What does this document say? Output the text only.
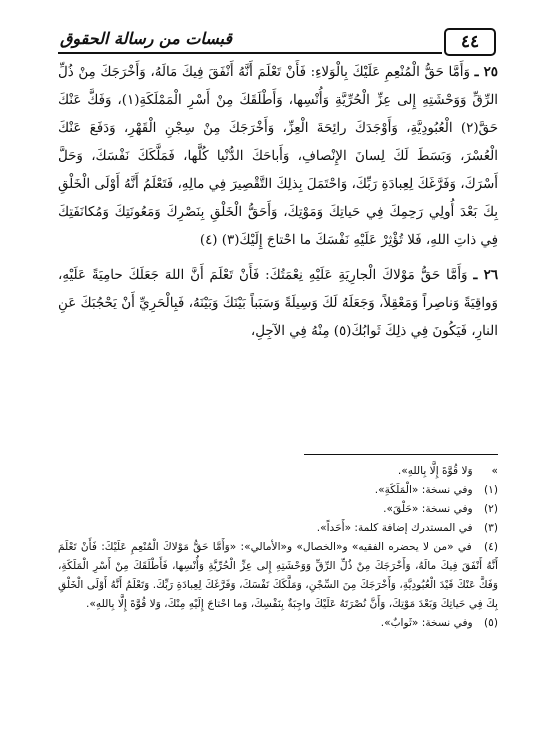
٤٤
قبسات من رسالة الحقوق

٢٥ ـ وَأَمَّا حَقُّ الْمُنْعِمِ عَلَيْكَ بِالْوَلاءِ: فَأَنْ تَعْلَمَ أَنَّهُ أَنْفَقَ فِيكَ مَالَهُ، وَأَخْرَجَكَ مِنْ ذُلِّ الرِّقِّ وَوَحْشَتِهِ إِلى عِزِّ الْحُرِّيَّةِ وَأُنْسِها، وَأَطْلَقَكَ مِنْ أَسْرِ الْمَمْلَكَةِ(١)، وَفَكَّ عَنْكَ حَقَّ(٢) الْعُبُودِيَّةِ، وَأَوْجَدَكَ رائِحَةَ الْعِزِّ، وَأَخْرَجَكَ مِنْ سِجْنِ الْقَهْرِ، وَدَفَعَ عَنْكَ الْعُسْرَ، وَبَسَطَ لَكَ لِسانَ الإِنْصافِ، وَأَباحَكَ الدُّنْيا كُلَّها، فَمَلَّكَكَ نَفْسَكَ، وَحَلَّ أَسْرَكَ، وَفَرَّغَكَ لِعِبادَةِ رَبِّكَ، وَاحْتَمَلَ بِذلِكَ التَّقْصِيرَ فِي مالِهِ، فَتَعْلَمُ أَنَّهُ أَوْلَى الْخَلْقِ بِكَ بَعْدَ أُولِي رَحِمِكَ فِي حَياتِكَ وَمَوْتِكَ، وَأَحَقُّ الْخَلْقِ بِنَصْرِكَ وَمَعُونَتِكَ وَمُكانَفَتِكَ فِي ذاتِ اللهِ، فَلا تُؤْثِرْ عَلَيْهِ نَفْسَكَ ما احْتاجَ إِلَيْكَ(٣) (٤)

٢٦ ـ وَأَمَّا حَقُّ مَوْلاكَ الْجارِيَةِ عَلَيْهِ نِعْمَتُكَ: فَأَنْ تَعْلَمَ أَنَّ اللهَ جَعَلَكَ حامِيَةً عَلَيْهِ، وَواقِيَةً وَناصِراً وَمَعْقِلاً، وَجَعَلَهُ لَكَ وَسِيلَةً وَسَبَباً بَيْنَكَ وَبَيْنَهُ، فَبِالْحَرِيِّ أَنْ يَحْجُبَكَ عَنِ النارِ، فَيَكُونَ فِي ذلِكَ ثَوابُكَ(٥) مِنْهُ فِي الآجِلِ،

» وَلا قُوَّةَ إِلَّا بِاللهِ».

(١) وفي نسخة: «الْمَلَكَةِ».

(٢) وفي نسخة: «حَلْقَ».

(٣) في المستدرك إضافة كلمة: «أَحَداً».

(٤) في «من لا يحضره الفقيه» و«الخصال» و«الأمالي»: «وَأَمَّا حَقُّ مَوْلاكَ الْمُنْعِمِ عَلَيْكَ: فَأَنْ تَعْلَمَ أَنَّهُ أَنْفَقَ فِيكَ مالَهُ، وَأَخْرَجَكَ مِنْ ذُلِّ الرِّقِّ وَوَحْشَتِهِ إِلى عِزِّ الْحُرِّيَّةِ وَأُنْسِها، فَأَطْلَقَكَ مِنْ أَسْرِ الْمَلَكَةِ، وَفَكَّ عَنْكَ قَيْدَ الْعُبُودِيَّةِ، وَأَخْرَجَكَ مِنَ السِّجْنِ، وَمَلَّكَكَ نَفْسَكَ، وَفَرَّغَكَ لِعِبادَةِ رَبِّكَ. وَتَعْلَمُ أَنَّهُ أَوْلَى الْخَلْقِ بِكَ فِي حَياتِكَ وَبَعْدَ مَوْتِكَ، وَأَنَّ نُصْرَتَهُ عَلَيْكَ واجِبَةٌ بِنَفْسِكَ، وَما احْتاجَ إِلَيْهِ مِنْكَ، وَلا قُوَّةَ إِلَّا بِاللهِ».

(٥) وفي نسخة: «ثَوابٌ».
